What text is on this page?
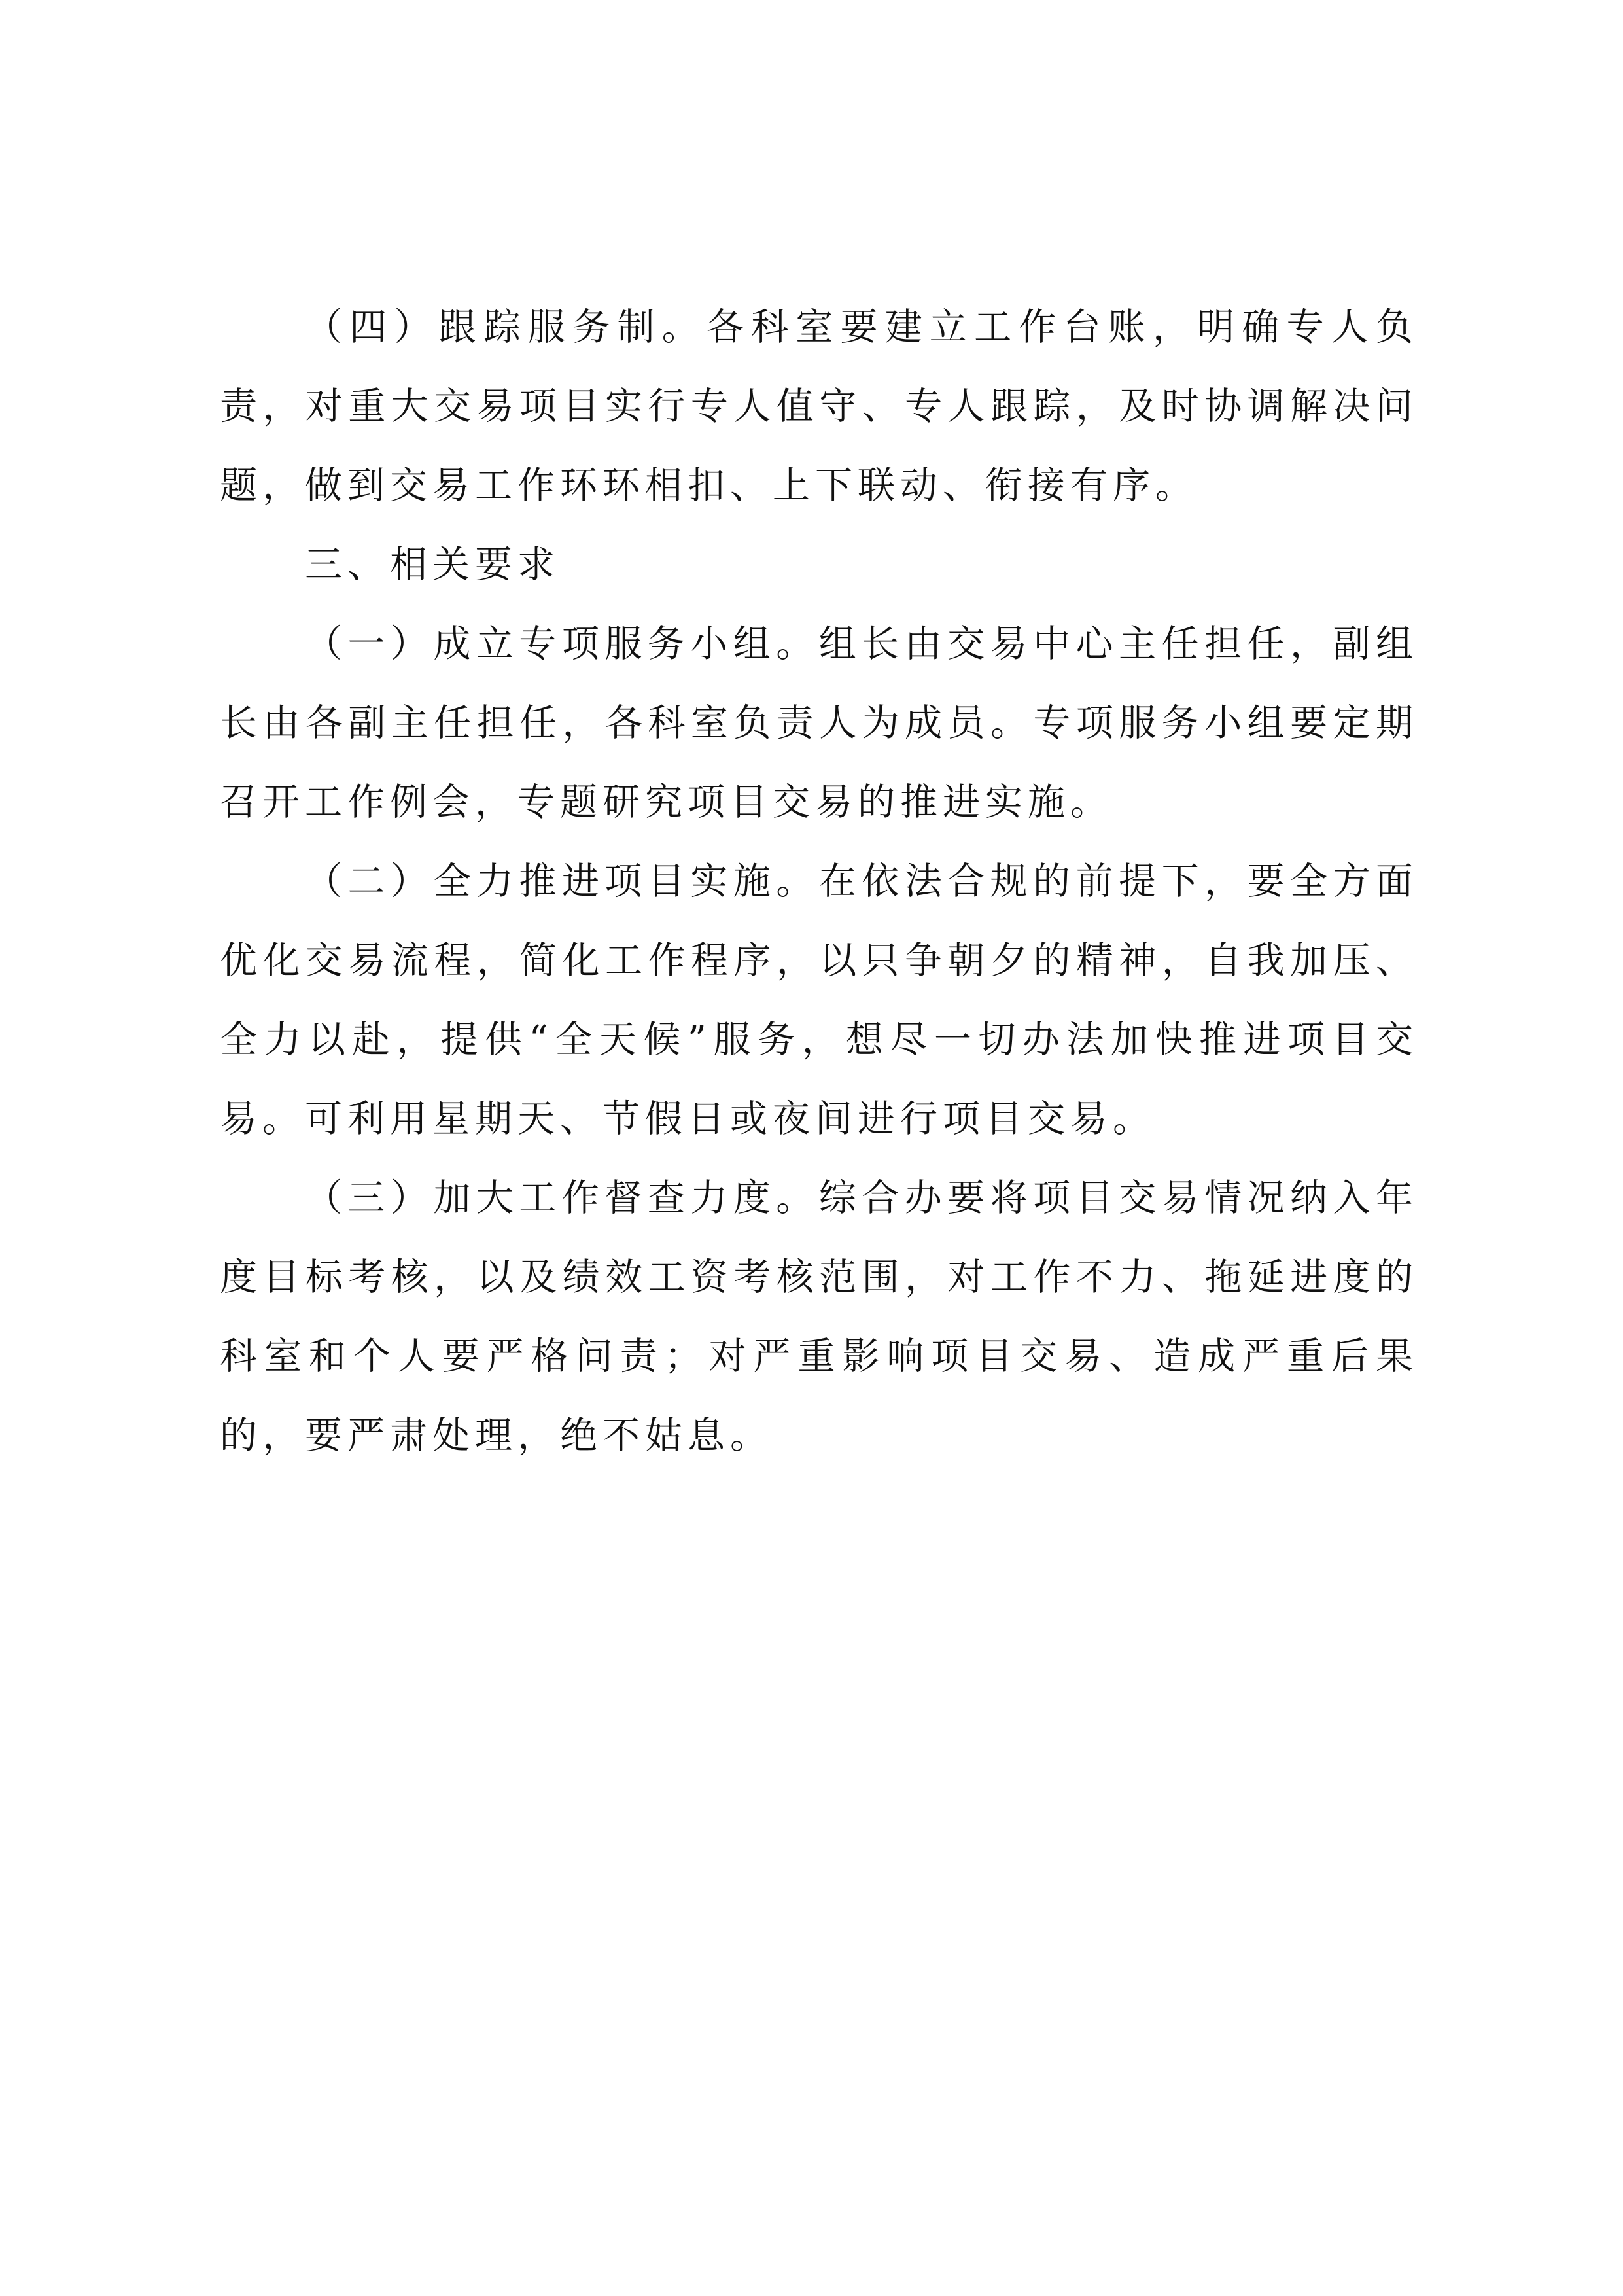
（四）跟踪服务制。各科室要建立工作台账，明确专人负责，对重大交易项目实行专人值守、专人跟踪，及时协调解决问题，做到交易工作环环相扣、上下联动、衔接有序。

三、相关要求

（一）成立专项服务小组。组长由交易中心主任担任，副组长由各副主任担任，各科室负责人为成员。专项服务小组要定期召开工作例会，专题研究项目交易的推进实施。

（二）全力推进项目实施。在依法合规的前提下，要全方面优化交易流程，简化工作程序，以只争朝夕的精神，自我加压、全力以赴，提供“全天候”服务，想尽一切办法加快推进项目交易。可利用星期天、节假日或夜间进行项目交易。

（三）加大工作督查力度。综合办要将项目交易情况纳入年度目标考核，以及绩效工资考核范围，对工作不力、拖延进度的科室和个人要严格问责；对严重影响项目交易、造成严重后果的，要严肃处理，绝不姑息。
